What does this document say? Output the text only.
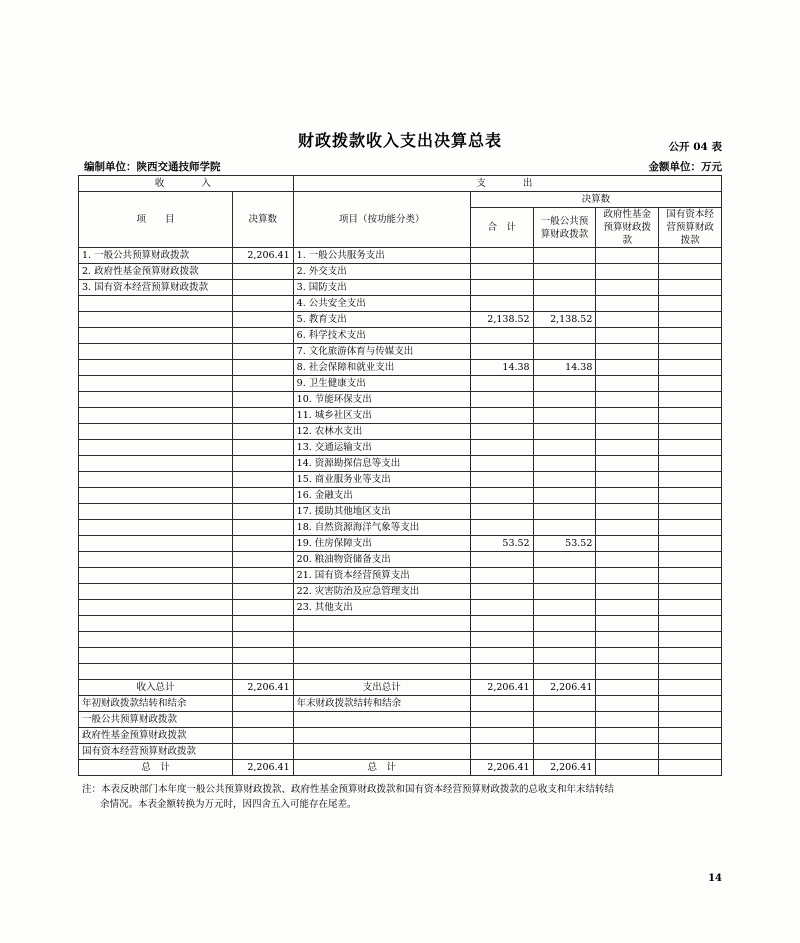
财政拨款收入支出决算总表	公开 04 表
编制单位：陕西交通技师学院	金额单位：万元
收　　入		支　　出				
项　　目	决算数	项目（按功能分类）	决算数			
			合　计	一般公共预算财政拨款	政府性基金预算财政拨款	国有资本经营预算财政拨款
1. 一般公共预算财政拨款	2,206.41	1. 一般公共服务支出				
2. 政府性基金预算财政拨款		2. 外交支出				
3. 国有资本经营预算财政拨款		3. 国防支出				
		4. 公共安全支出				
		5. 教育支出	2,138.52	2,138.52		
		6. 科学技术支出				
		7. 文化旅游体育与传媒支出				
		8. 社会保障和就业支出	14.38	14.38		
		9. 卫生健康支出				
		10. 节能环保支出				
		11. 城乡社区支出				
		12. 农林水支出				
		13. 交通运输支出				
		14. 资源勘探信息等支出				
		15. 商业服务业等支出				
		16. 金融支出				
		17. 援助其他地区支出				
		18. 自然资源海洋气象等支出				
		19. 住房保障支出	53.52	53.52		
		20. 粮油物资储备支出				
		21. 国有资本经营预算支出				
		22. 灾害防治及应急管理支出				
		23. 其他支出				

收入总计	2,206.41	支出总计	2,206.41	2,206.41		
年初财政拨款结转和结余		年末财政拨款结转和结余				
一般公共预算财政拨款						
政府性基金预算财政拨款						
国有资本经营预算财政拨款						
总　计	2,206.41	总　计	2,206.41	2,206.41		
注：本表反映部门本年度一般公共预算财政拨款、政府性基金预算财政拨款和国有资本经营预算财政拨款的总收支和年末结转结
余情况。本表金额转换为万元时，因四舍五入可能存在尾差。
14
